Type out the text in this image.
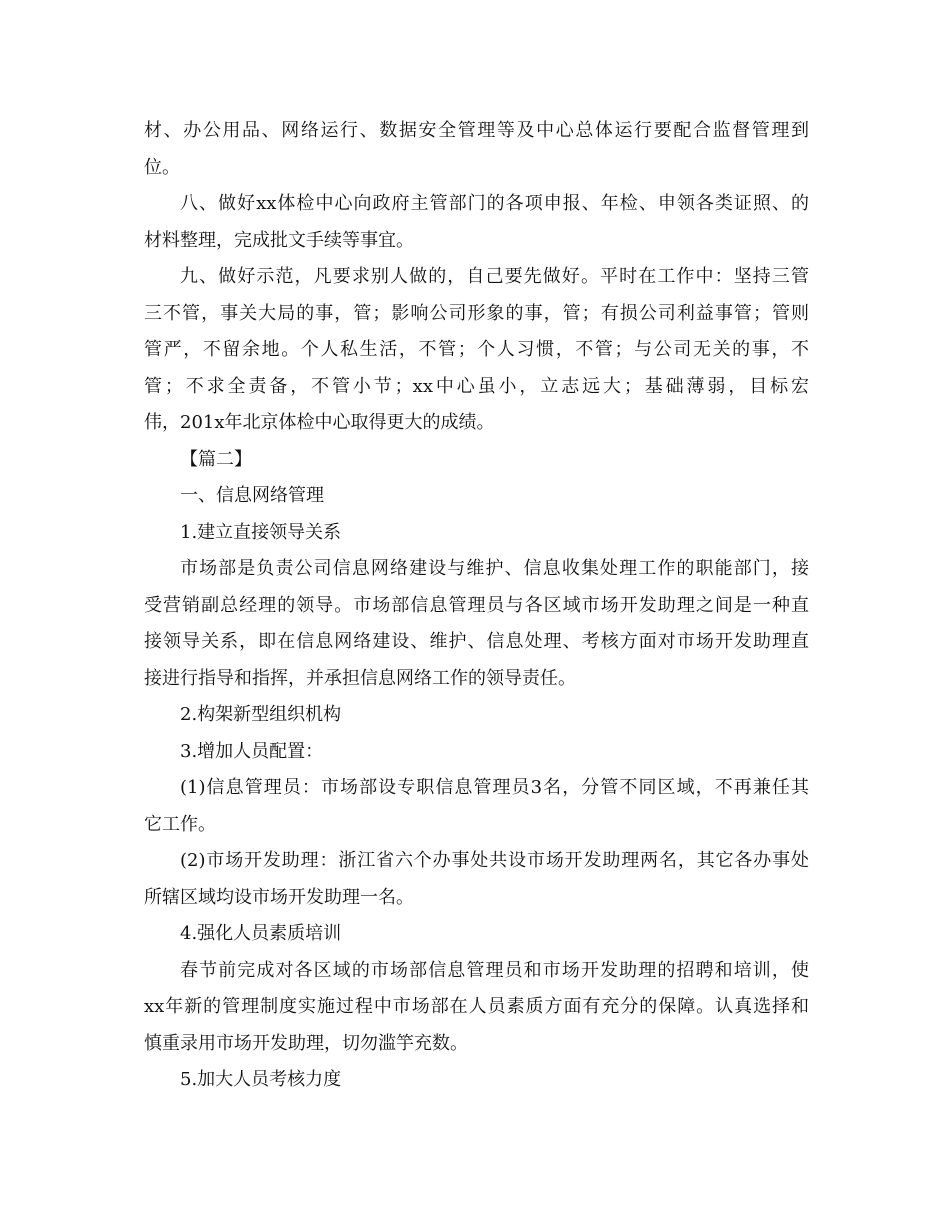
材、办公用品、网络运行、数据安全管理等及中心总体运行要配合监督管理到
位。
八、做好xx体检中心向政府主管部门的各项申报、年检、申领各类证照、的
材料整理，完成批文手续等事宜。
九、做好示范，凡要求别人做的，自己要先做好。平时在工作中：坚持三管
三不管，事关大局的事，管；影响公司形象的事，管；有损公司利益事管；管则
管严，不留余地。个人私生活，不管；个人习惯，不管；与公司无关的事，不
管；不求全责备，不管小节；xx中心虽小，立志远大；基础薄弱，目标宏
伟，201x年北京体检中心取得更大的成绩。
【篇二】
一、信息网络管理
1.建立直接领导关系
市场部是负责公司信息网络建设与维护、信息收集处理工作的职能部门，接
受营销副总经理的领导。市场部信息管理员与各区域市场开发助理之间是一种直
接领导关系，即在信息网络建设、维护、信息处理、考核方面对市场开发助理直
接进行指导和指挥，并承担信息网络工作的领导责任。
2.构架新型组织机构
3.增加人员配置：
(1)信息管理员：市场部设专职信息管理员3名，分管不同区域，不再兼任其
它工作。
(2)市场开发助理：浙江省六个办事处共设市场开发助理两名，其它各办事处
所辖区域均设市场开发助理一名。
4.强化人员素质培训
春节前完成对各区域的市场部信息管理员和市场开发助理的招聘和培训，使
xx年新的管理制度实施过程中市场部在人员素质方面有充分的保障。认真选择和
慎重录用市场开发助理，切勿滥竽充数。
5.加大人员考核力度
